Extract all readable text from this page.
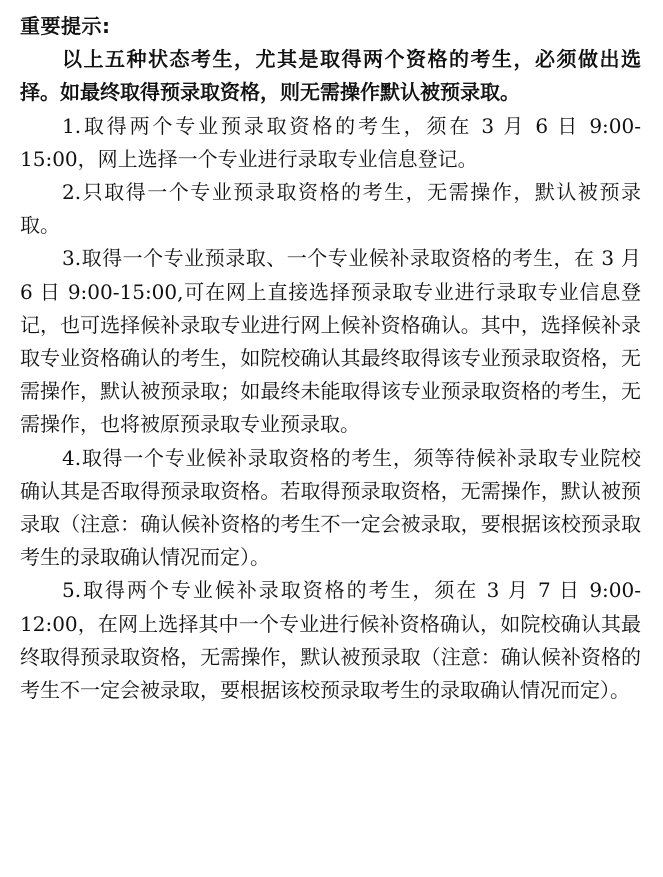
重要提示:

以上五种状态考生，尤其是取得两个资格的考生，必须做出选择。如最终取得预录取资格，则无需操作默认被预录取。

1.取得两个专业预录取资格的考生，须在 3 月 6 日 9:00-15:00，网上选择一个专业进行录取专业信息登记。

2.只取得一个专业预录取资格的考生，无需操作，默认被预录取。

3.取得一个专业预录取、一个专业候补录取资格的考生，在 3 月 6 日 9:00-15:00,可在网上直接选择预录取专业进行录取专业信息登记，也可选择候补录取专业进行网上候补资格确认。其中，选择候补录取专业资格确认的考生，如院校确认其最终取得该专业预录取资格，无需操作，默认被预录取；如最终未能取得该专业预录取资格的考生，无需操作，也将被原预录取专业预录取。

4.取得一个专业候补录取资格的考生，须等待候补录取专业院校确认其是否取得预录取资格。若取得预录取资格，无需操作，默认被预录取（注意：确认候补资格的考生不一定会被录取，要根据该校预录取考生的录取确认情况而定）。

5.取得两个专业候补录取资格的考生，须在 3 月 7 日 9:00-12:00，在网上选择其中一个专业进行候补资格确认，如院校确认其最终取得预录取资格，无需操作，默认被预录取（注意：确认候补资格的考生不一定会被录取，要根据该校预录取考生的录取确认情况而定）。
